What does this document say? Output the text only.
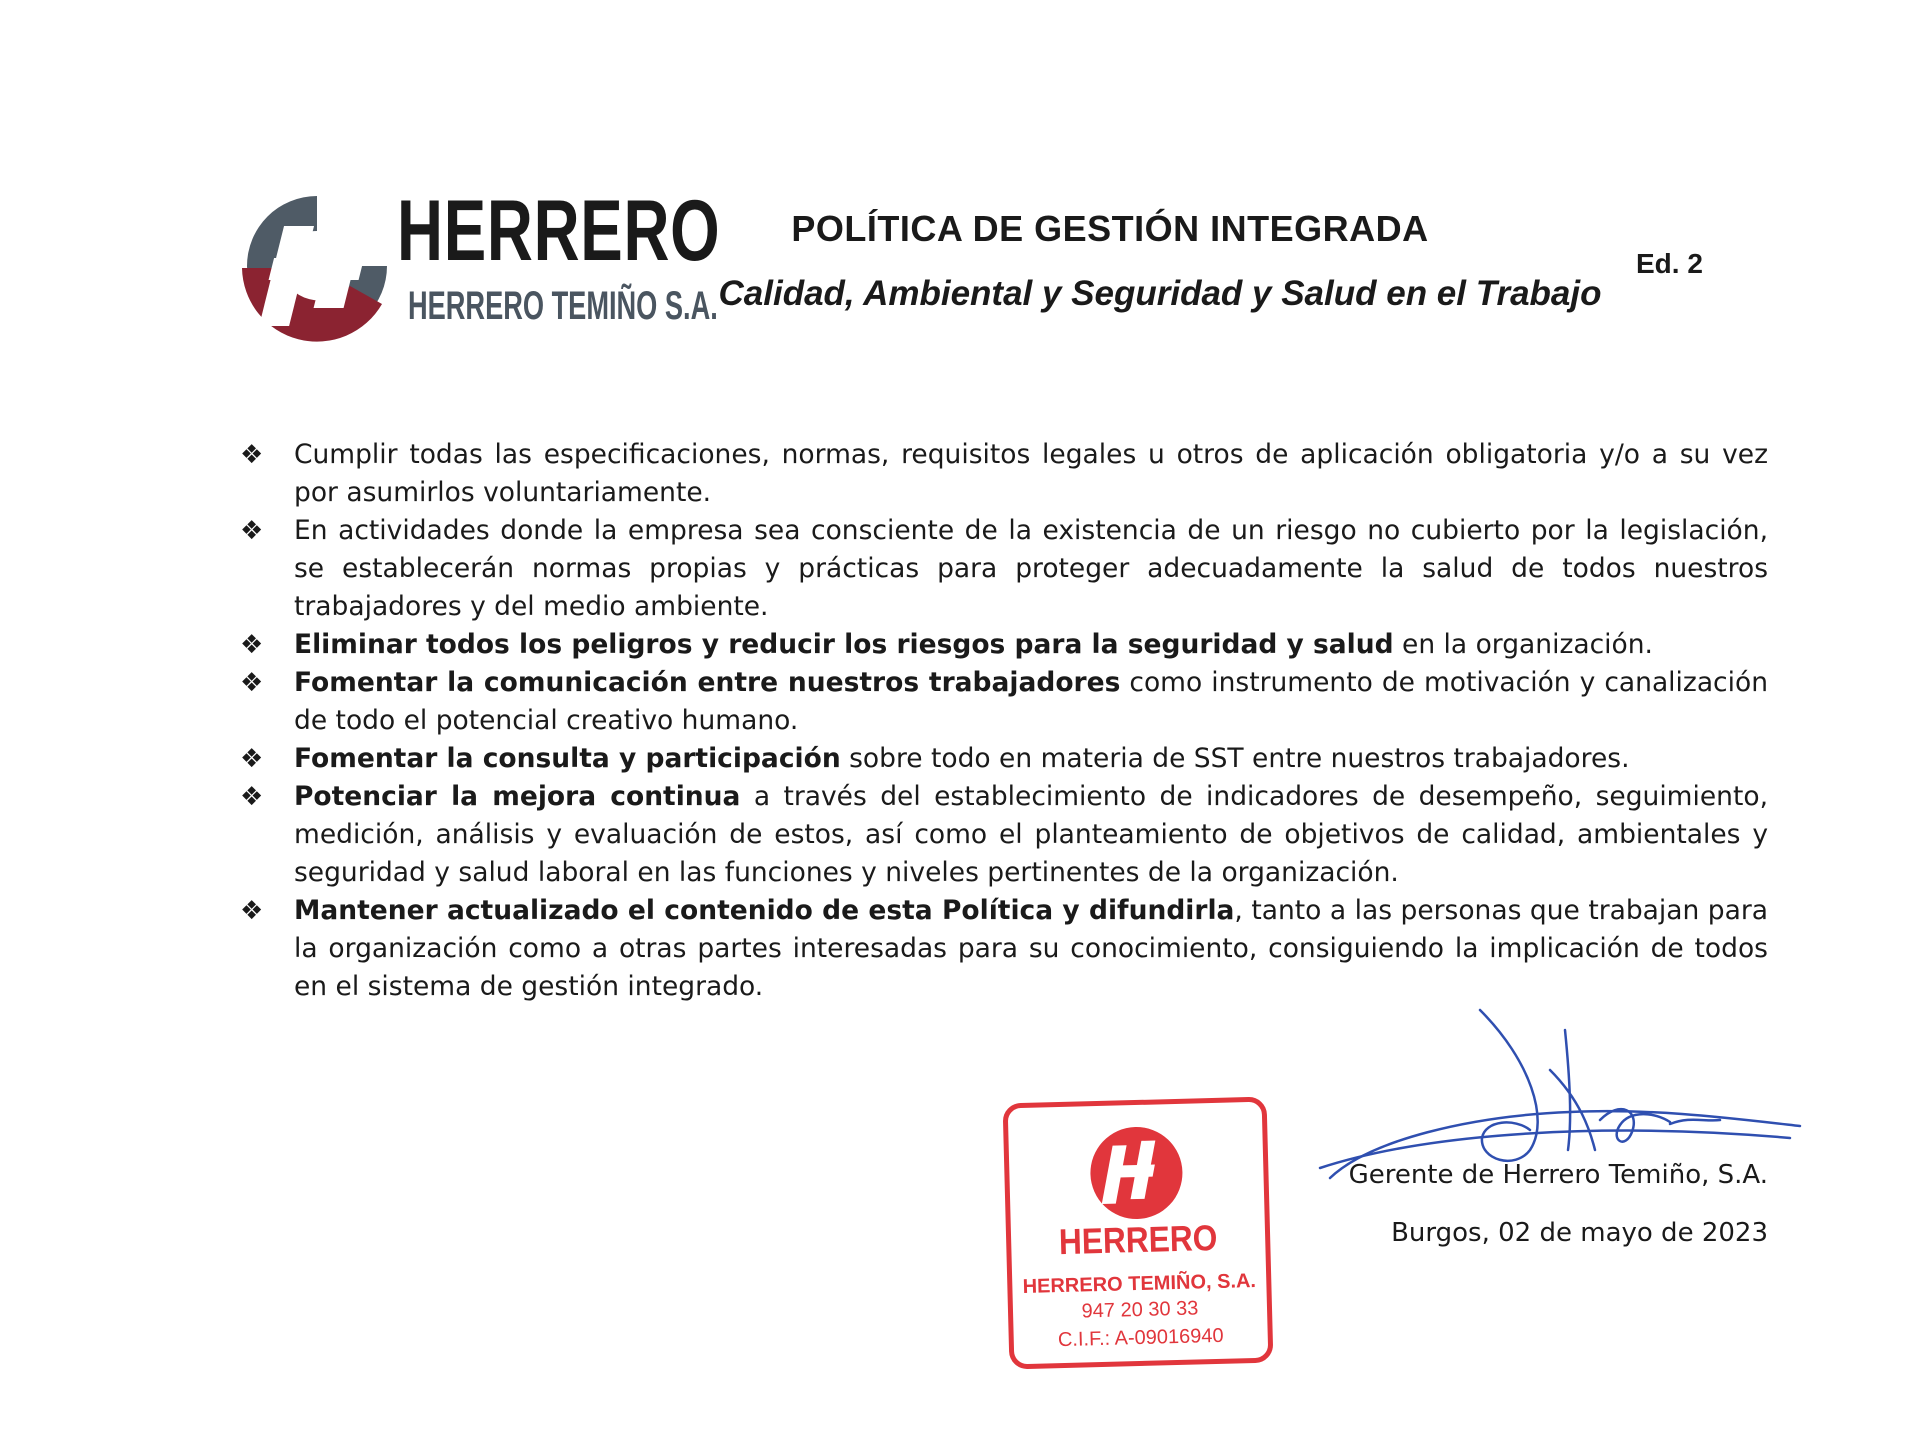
HERRERO
HERRERO TEMIÑO S.A.
POLÍTICA DE GESTIÓN INTEGRADA
Calidad, Ambiental y Seguridad y Salud en el Trabajo
Ed. 2
❖ Cumplir todas las especificaciones, normas, requisitos legales u otros de aplicación obligatoria y/o a su vez por asumirlos voluntariamente.
❖ En actividades donde la empresa sea consciente de la existencia de un riesgo no cubierto por la legislación, se establecerán normas propias y prácticas para proteger adecuadamente la salud de todos nuestros trabajadores y del medio ambiente.
❖ Eliminar todos los peligros y reducir los riesgos para la seguridad y salud en la organización.
❖ Fomentar la comunicación entre nuestros trabajadores como instrumento de motivación y canalización de todo el potencial creativo humano.
❖ Fomentar la consulta y participación sobre todo en materia de SST entre nuestros trabajadores.
❖ Potenciar la mejora continua a través del establecimiento de indicadores de desempeño, seguimiento, medición, análisis y evaluación de estos, así como el planteamiento de objetivos de calidad, ambientales y seguridad y salud laboral en las funciones y niveles pertinentes de la organización.
❖ Mantener actualizado el contenido de esta Política y difundirla, tanto a las personas que trabajan para la organización como a otras partes interesadas para su conocimiento, consiguiendo la implicación de todos en el sistema de gestión integrado.
HERRERO
HERRERO TEMIÑO, S.A.
947 20 30 33
C.I.F.: A-09016940
Gerente de Herrero Temiño, S.A.
Burgos, 02 de mayo de 2023
